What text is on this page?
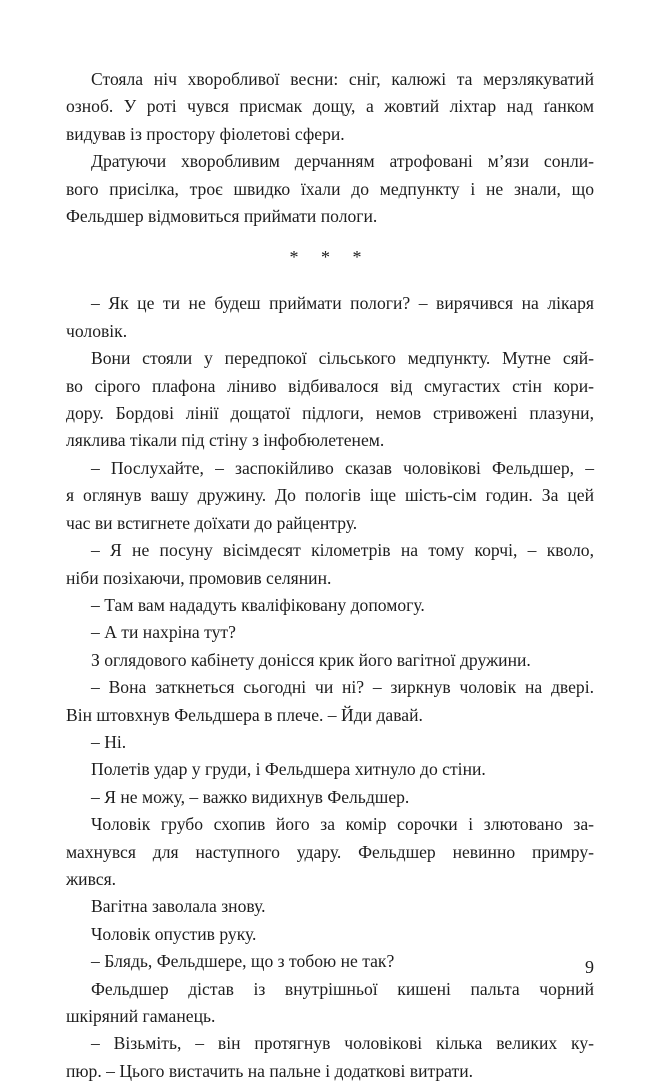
Стояла ніч хворобливої весни: сніг, калюжі та мерзлякуватий
озноб. У роті чувся присмак дощу, а жовтий ліхтар над ґанком
видував із простору фіолетові сфери.
Дратуючи хворобливим дерчанням атрофовані м’язи сонли-
вого присілка, троє швидко їхали до медпункту і не знали, що
Фельдшер відмовиться приймати пологи.
* * *
– Як це ти не будеш приймати пологи? – вирячився на лікаря
чоловік.
Вони стояли у передпокої сільського медпункту. Мутне сяй-
во сірого плафона ліниво відбивалося від смугастих стін кори-
дору. Бордові лінії дощатої підлоги, немов стривожені плазуни,
ляклива тікали під стіну з інфобюлетенем.
– Послухайте, – заспокійливо сказав чоловікові Фельдшер, –
я оглянув вашу дружину. До пологів іще шість-сім годин. За цей
час ви встигнете доїхати до райцентру.
– Я не посуну вісімдесят кілометрів на тому корчі, – кволо,
ніби позіхаючи, промовив селянин.
– Там вам нададуть кваліфіковану допомогу.
– А ти нахріна тут?
З оглядового кабінету донісся крик його вагітної дружини.
– Вона заткнеться сьогодні чи ні? – зиркнув чоловік на двері.
Він штовхнув Фельдшера в плече. – Йди давай.
– Ні.
Полетів удар у груди, і Фельдшера хитнуло до стіни.
– Я не можу, – важко видихнув Фельдшер.
Чоловік грубо схопив його за комір сорочки і злютовано за-
махнувся для наступного удару. Фельдшер невинно примру-
жився.
Вагітна заволала знову.
Чоловік опустив руку.
– Блядь, Фельдшере, що з тобою не так?
Фельдшер дістав із внутрішньої кишені пальта чорний
шкіряний гаманець.
– Візьміть, – він протягнув чоловікові кілька великих ку-
пюр. – Цього вистачить на пальне і додаткові витрати.
9
